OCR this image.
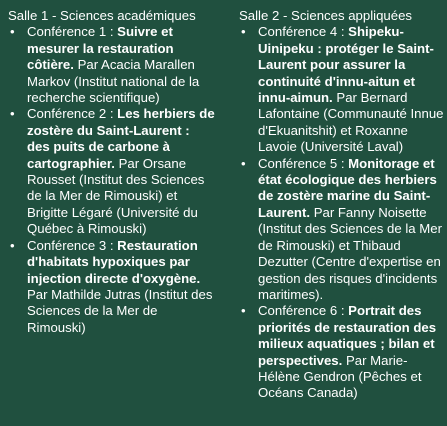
Salle 1 - Sciences académiques

• Conférence 1 : Suivre et mesurer la restauration côtière. Par Acacia Marallen Markov (Institut national de la recherche scientifique)
• Conférence 2 : Les herbiers de zostère du Saint-Laurent : des puits de carbone à cartographier. Par Orsane Rousset (Institut des Sciences de la Mer de Rimouski) et Brigitte Légaré (Université du Québec à Rimouski)
• Conférence 3 : Restauration d'habitats hypoxiques par injection directe d'oxygène. Par Mathilde Jutras (Institut des Sciences de la Mer de Rimouski)

Salle 2 - Sciences appliquées

• Conférence 4 : Shipeku-Uinipeku : protéger le Saint-Laurent pour assurer la continuité d'innu-aitun et innu-aimun. Par Bernard Lafontaine (Communauté Innue d'Ekuanitshit) et Roxanne Lavoie (Université Laval)
• Conférence 5 : Monitorage et état écologique des herbiers de zostère marine du Saint-Laurent. Par Fanny Noisette (Institut des Sciences de la Mer de Rimouski) et Thibaud Dezutter (Centre d'expertise en gestion des risques d'incidents maritimes).
• Conférence 6 : Portrait des priorités de restauration des milieux aquatiques ; bilan et perspectives. Par Marie-Hélène Gendron (Pêches et Océans Canada)
